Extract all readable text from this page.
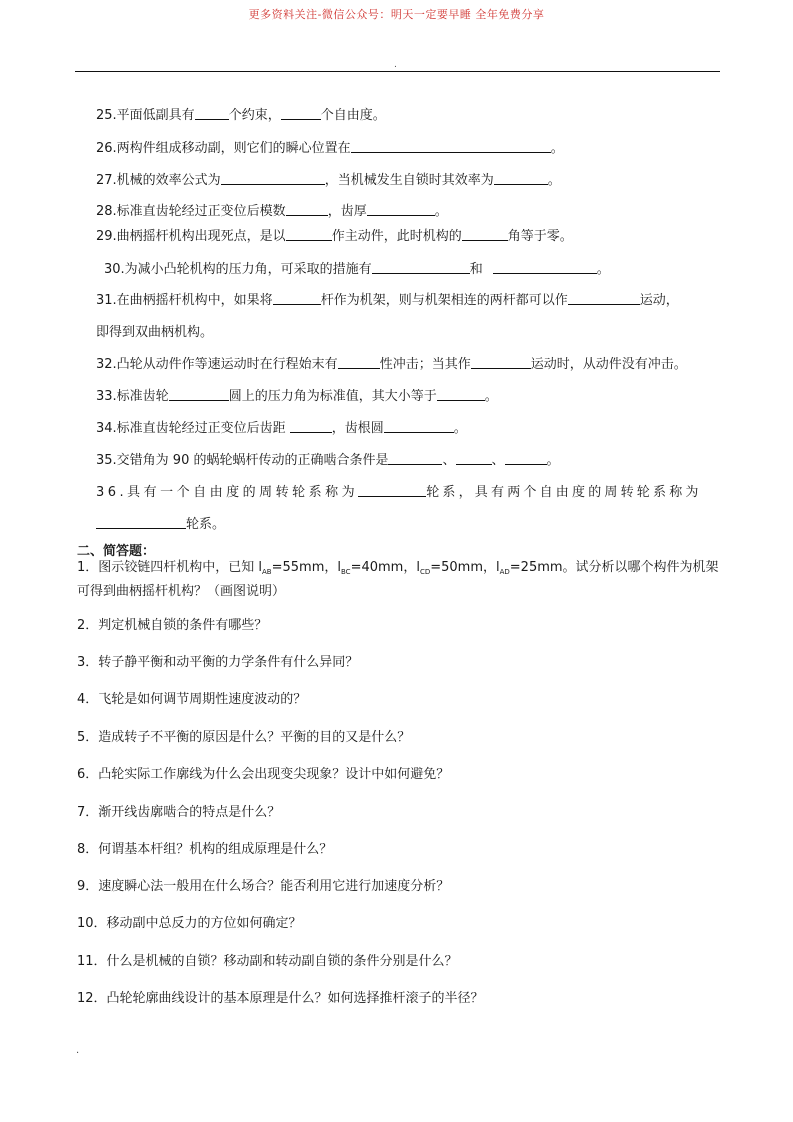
更多资料关注-微信公众号：明天一定要早睡 全年免费分享
.
25.平面低副具有	个约束，	个自由度。
26.两构件组成移动副，则它们的瞬心位置在	。
27.机械的效率公式为	，当机械发生自锁时其效率为	。
28.标准直齿轮经过正变位后模数	，齿厚	。
29.曲柄摇杆机构出现死点，是以	作主动件，此时机构的	角等于零。
30.为减小凸轮机构的压力角，可采取的措施有	和	。
31.在曲柄摇杆机构中，如果将	杆作为机架，则与机架相连的两杆都可以作	运动，
即得到双曲柄机构。
32.凸轮从动件作等速运动时在行程始末有	性冲击；当其作	运动时，从动件没有冲击。
33.标准齿轮	圆上的压力角为标准值，其大小等于	。
34.标准直齿轮经过正变位后齿距	，齿根圆	。
35.交错角为 90 的蜗轮蜗杆传动的正确啮合条件是	、	、	。
36.具有一个自由度的周转轮系称为	轮系，具有两个自由度的周转轮系称为
轮系。
二、简答题：
1．图示铰链四杆机构中，已知 $l_{AB}=55mm$，$l_{BC}=40mm$，$l_{CD}=50mm$，$l_{AD}=25mm$。试分析以哪个构件为机架可得到曲柄摇杆机构？（画图说明）
2．判定机械自锁的条件有哪些？
3．转子静平衡和动平衡的力学条件有什么异同？
4．飞轮是如何调节周期性速度波动的？
5．造成转子不平衡的原因是什么？平衡的目的又是什么？
6．凸轮实际工作廓线为什么会出现变尖现象？设计中如何避免？
7．渐开线齿廓啮合的特点是什么？
8．何谓基本杆组？机构的组成原理是什么？
9．速度瞬心法一般用在什么场合？能否利用它进行加速度分析？
10．移动副中总反力的方位如何确定？
11．什么是机械的自锁？移动副和转动副自锁的条件分别是什么？
12．凸轮轮廓曲线设计的基本原理是什么？如何选择推杆滚子的半径？
.
